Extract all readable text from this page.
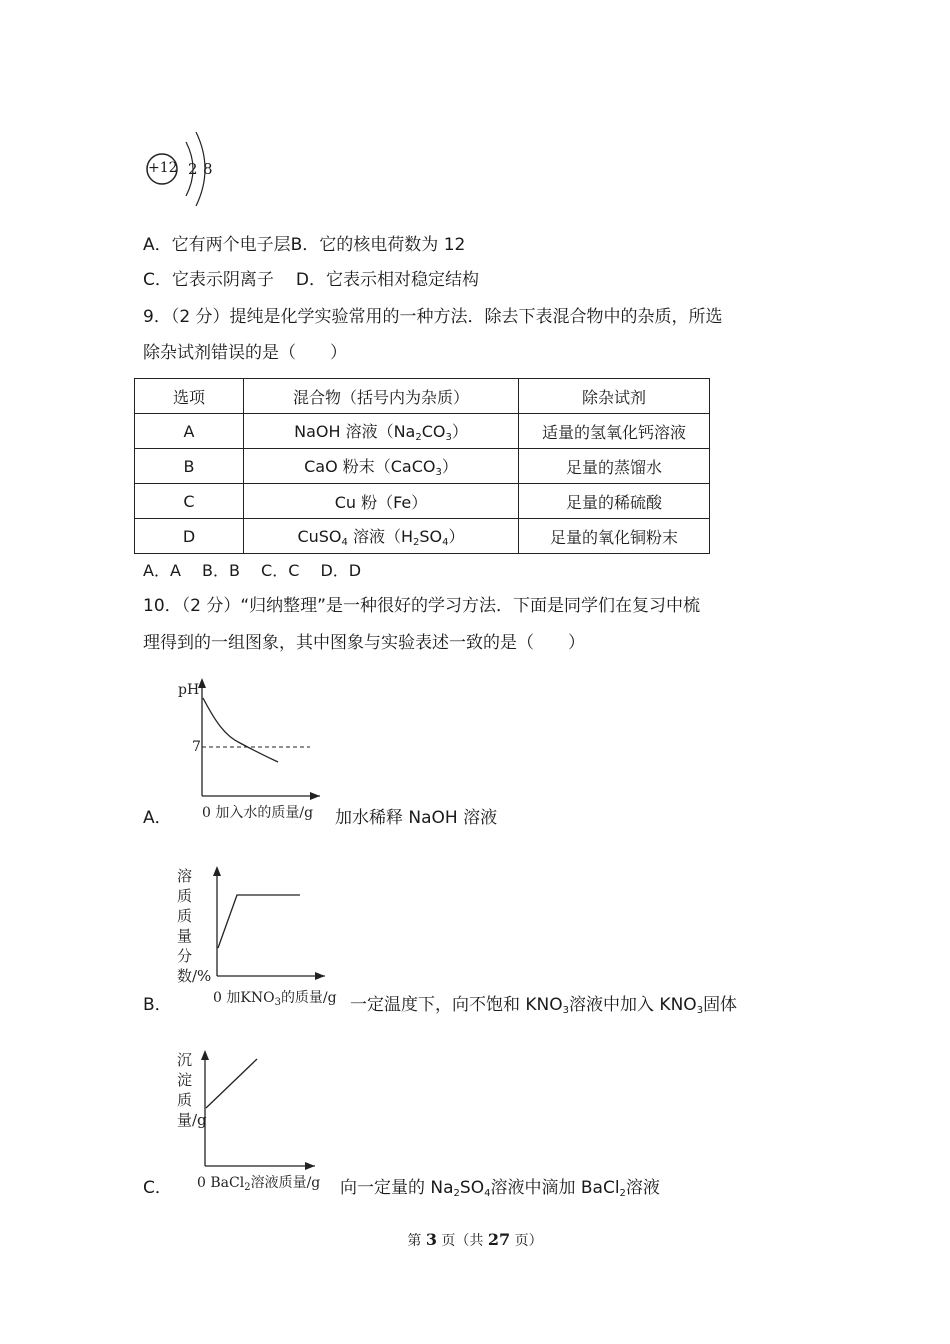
+12 2 8
A．它有两个电子层B．它的核电荷数为 12
C．它表示阴离子 D．它表示相对稳定结构
9．（2 分）提纯是化学实验常用的一种方法．除去下表混合物中的杂质，所选
除杂试剂错误的是（　　）
选项	混合物（括号内为杂质）	除杂试剂
A	NaOH 溶液$(Na_2CO_3)$	适量的氢氧化钙溶液
B	CaO 粉末（CaCO$_3$）	足量的蒸馏水
C	Cu 粉（Fe）	足量的稀硫酸
D	CuSO$_4$ 溶液$(H_2SO_4)$	足量的氧化铜粉末
A．A　 B．B　 C．C　 D．D
10．（2 分）“归纳整理”是一种很好的学习方法．下面是同学们在复习中梳
理得到的一组图象，其中图象与实验表述一致的是（　　）
pH
7
0 加入水的质量/g
A．	加水稀释 NaOH 溶液
溶质质量分数/%
0 加$KNO_3$的质量/g
B．	一定温度下，向不饱和 $KNO_3$溶液中加入 $KNO_3$固体
沉淀质量/g
0 BaCl$_2$溶液质量/g
C．	向一定量的 $Na_2SO_4$溶液中滴加 BaCl$_2$溶液
第 3 页（共 27 页）
